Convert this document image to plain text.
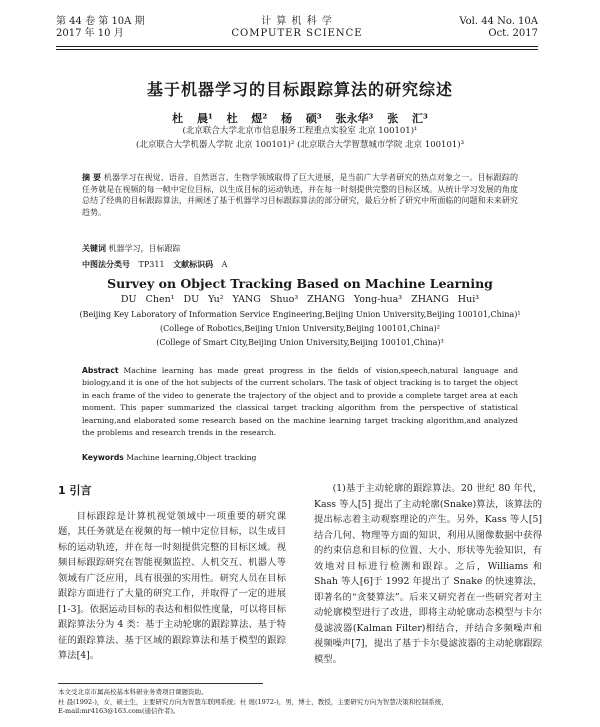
第 44 卷 第 10A 期
2017 年 10 月
计 算 机 科 学
COMPUTER SCIENCE
Vol. 44 No. 10A
Oct. 2017
基于机器学习的目标跟踪算法的研究综述
杜 晨¹ 杜 煜² 杨 硕³ 张永华³ 张 汇³
(北京联合大学北京市信息服务工程重点实验室 北京 100101)¹
(北京联合大学机器人学院 北京 100101)² (北京联合大学智慧城市学院 北京 100101)³
摘 要 机器学习在视觉、语音、自然语言、生物学领域取得了巨大进展，是当前广大学者研究的热点对象之一。目标跟踪的任务就是在视频的每一帧中定位目标，以生成目标的运动轨迹，并在每一时刻提供完整的目标区域。从统计学习发展的角度总结了经典的目标跟踪算法，并阐述了基于机器学习目标跟踪算法的部分研究，最后分析了研究中所面临的问题和未来研究趋势。
关键词 机器学习，目标跟踪
中图法分类号 TP311 文献标识码 A
Survey on Object Tracking Based on Machine Learning
DU Chen¹ DU Yu² YANG Shuo³ ZHANG Yong-hua³ ZHANG Hui³
(Beijing Key Laboratory of Information Service Engineering,Beijing Union University,Beijing 100101,China)¹
(College of Robotics,Beijing Union University,Beijing 100101,China)²
(College of Smart City,Beijing Union University,Beijing 100101,China)³
Abstract Machine learning has made great progress in the fields of vision,speech,natural language and biology,and it is one of the hot subjects of the current scholars. The task of object tracking is to target the object in each frame of the video to generate the trajectory of the object and to provide a complete target area at each moment. This paper summarized the classical target tracking algorithm from the perspective of statistical learning,and elaborated some research based on the machine learning target tracking algorithm,and analyzed the problems and research trends in the research.
Keywords Machine learning,Object tracking
1 引言
目标跟踪是计算机视觉领域中一项重要的研究课题，其任务就是在视频的每一帧中定位目标，以生成目标的运动轨迹，并在每一时刻提供完整的目标区域。视频目标跟踪研究在智能视频监控、人机交互、机器人等领域有广泛应用，具有很强的实用性。研究人员在目标跟踪方面进行了大量的研究工作，并取得了一定的进展[1-3]。依据运动目标的表达和相似性度量，可以将目标跟踪算法分为 4 类：基于主动轮廓的跟踪算法、基于特征的跟踪算法、基于区域的跟踪算法和基于模型的跟踪算法[4]。
(1)基于主动轮廓的跟踪算法。20 世纪 80 年代，Kass 等人[5] 提出了主动轮廓(Snake)算法，该算法的提出标志着主动观察理论的产生。另外，Kass 等人[5]结合几何、物理等方面的知识，利用从图像数据中获得的约束信息和目标的位置、大小、形状等先验知识，有效地对目标进行检测和跟踪。之后，Williams 和 Shah 等人[6]于 1992 年提出了 Snake 的快速算法，即著名的“贪婪算法”。后来又研究者在一些研究者对主动轮廓模型进行了改进，即将主动轮廓动态模型与卡尔曼滤波器(Kalman Filter)相结合，并结合多频噪声和视频噪声[7]，提出了基于卡尔曼滤波器的主动轮廓跟踪模型。
本文受北京市属高校基本科研业务费项目课题资助。
杜 晨(1992-)，女，硕士生，主要研究方向为智慧车联网系统；杜 煜(1972-)，男，博士，教授，主要研究方向为智慧决策和控制系统，
E-mail:mr4163@163.com(通信作者)。
